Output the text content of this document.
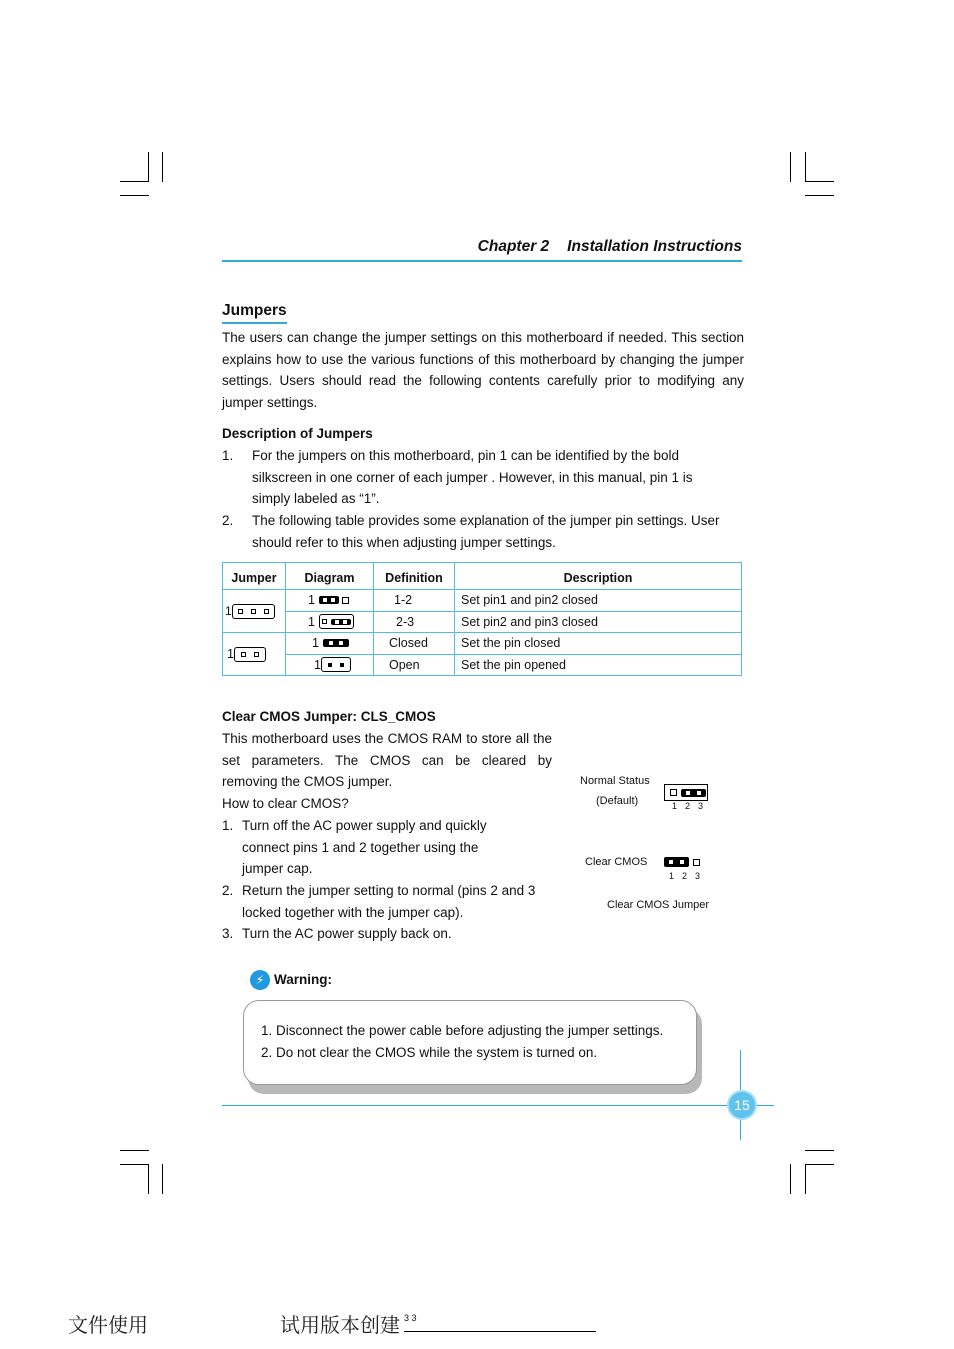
Chapter 2 Installation Instructions
Jumpers
The users can change the jumper settings on this motherboard if needed. This section explains how to use the various functions of this motherboard by changing the jumper settings. Users should read the following contents carefully prior to modifying any jumper settings.
Description of Jumpers
1. For the jumpers on this motherboard, pin 1 can be identified by the bold silkscreen in one corner of each jumper . However, in this manual, pin 1 is simply labeled as “1”.
2. The following table provides some explanation of the jumper pin settings. User should refer to this when adjusting jumper settings.
Jumper	Diagram	Definition	Description

1	1	1-2	Set pin1 and pin2 closed

	1	2-3	Set pin2 and pin3 closed

1	1	Closed	Set the pin closed

	1	Open	Set the pin opened
Clear CMOS Jumper: CLS_CMOS
This motherboard uses the CMOS RAM to store all the set parameters. The CMOS can be cleared by removing the CMOS jumper.
How to clear CMOS?
1. Turn off the AC power supply and quickly connect pins 1 and 2 together using the jumper cap.
2. Return the jumper setting to normal (pins 2 and 3 locked together with the jumper cap).
3. Turn the AC power supply back on.
Normal Status
(Default)	123
Clear CMOS
123
Clear CMOS Jumper
⚡ Warning:
1. Disconnect the power cable before adjusting the jumper settings.
2. Do not clear the CMOS while the system is turned on.
15
文件使用	试用版本创建 3 3
